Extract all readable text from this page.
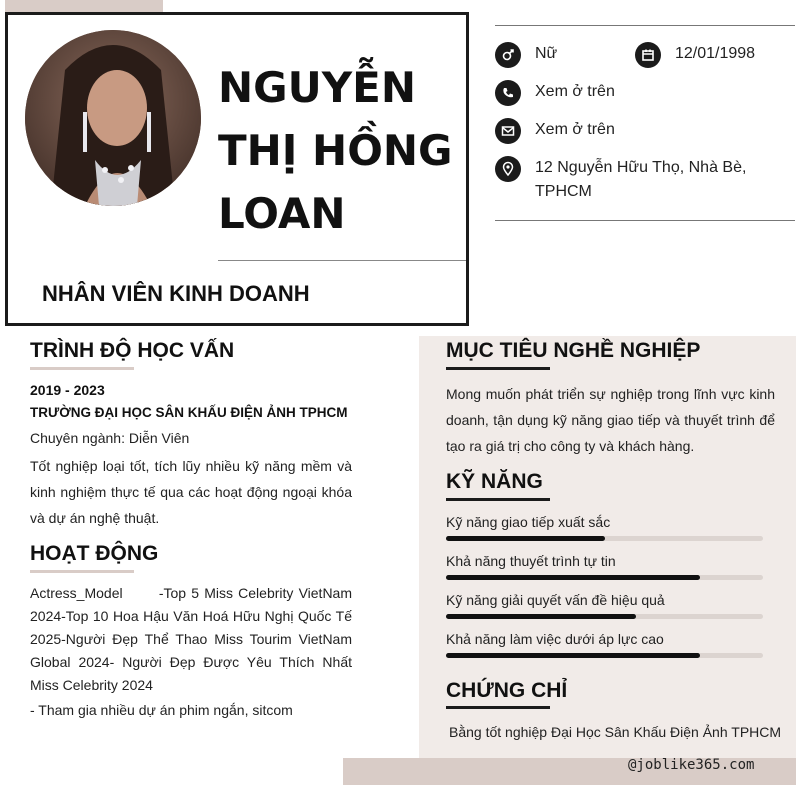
NGUYỄN THỊ HỒNG LOAN
NHÂN VIÊN KINH DOANH
Nữ	12/01/1998
Xem ở trên
Xem ở trên
12 Nguyễn Hữu Thọ, Nhà Bè, TPHCM
TRÌNH ĐỘ HỌC VẤN
2019 - 2023
TRƯỜNG ĐẠI HỌC SÂN KHẤU ĐIỆN ẢNH TPHCM
Chuyên ngành: Diễn Viên
Tốt nghiệp loại tốt, tích lũy nhiều kỹ năng mềm và kinh nghiệm thực tế qua các hoạt động ngoại khóa và dự án nghệ thuật.
HOẠT ĐỘNG
Actress_Model       -Top 5 Miss Celebrity VietNam 2024-Top 10 Hoa Hậu Văn Hoá Hữu Nghị Quốc Tế 2025-Người Đẹp Thể Thao Miss Tourim VietNam Global 2024- Người Đẹp Được Yêu Thích Nhất Miss Celebrity 2024
- Tham gia nhiều dự án phim ngắn, sitcom
MỤC TIÊU NGHỀ NGHIỆP
Mong muốn phát triển sự nghiệp trong lĩnh vực kinh doanh, tận dụng kỹ năng giao tiếp và thuyết trình để tạo ra giá trị cho công ty và khách hàng.
KỸ NĂNG
Kỹ năng giao tiếp xuất sắc
Khả năng thuyết trình tự tin
Kỹ năng giải quyết vấn đề hiệu quả
Khả năng làm việc dưới áp lực cao
CHỨNG CHỈ
Bằng tốt nghiệp Đại Học Sân Khấu Điện Ảnh TPHCM
@joblike365.com
